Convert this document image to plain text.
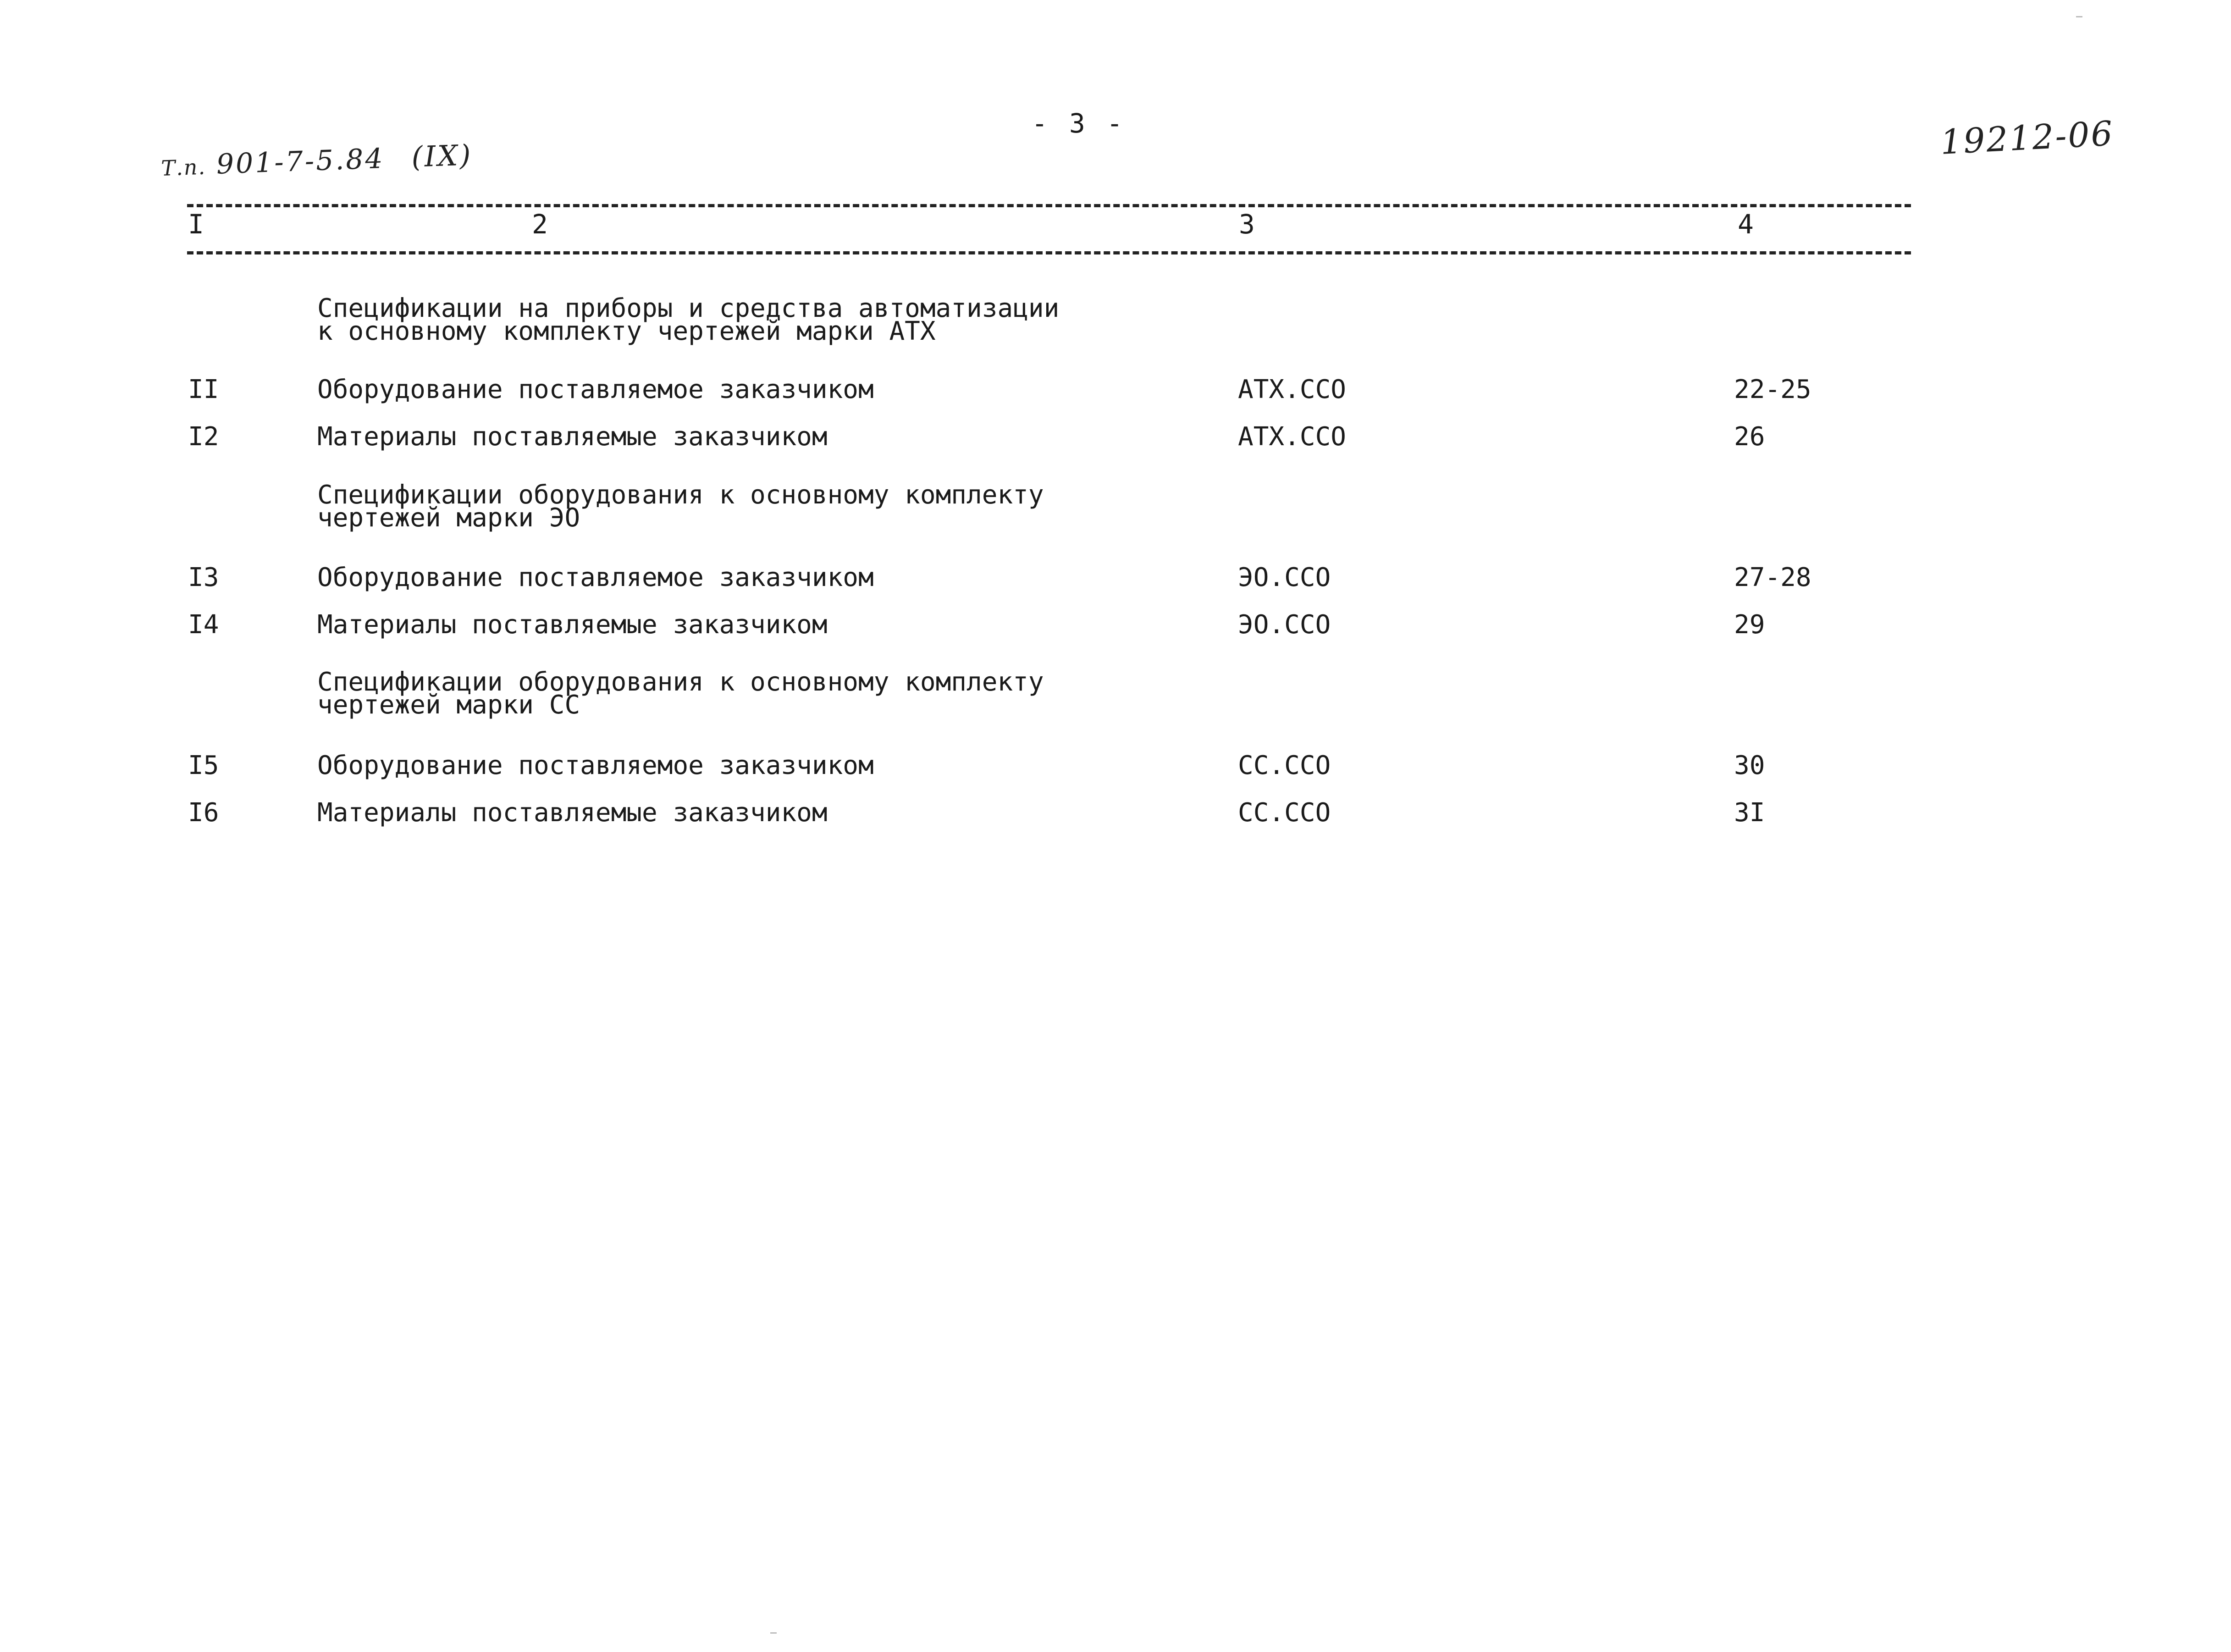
- 3 -
Т.п. 901-7-5.84 (IX)	19212-06
I	2	3	4
Спецификации на приборы и средства автоматизации
к основному комплекту чертежей марки АТХ
II	Оборудование поставляемое заказчиком	АТХ.ССО	22-25
I2	Материалы поставляемые заказчиком	АТХ.ССО	26
Спецификации оборудования к основному комплекту
чертежей марки ЭО
I3	Оборудование поставляемое заказчиком	ЭО.ССО	27-28
I4	Материалы поставляемые заказчиком	ЭО.ССО	29
Спецификации оборудования к основному комплекту
чертежей марки СС
I5	Оборудование поставляемое заказчиком	СС.ССО	30
I6	Материалы поставляемые заказчиком	СС.ССО	3I
